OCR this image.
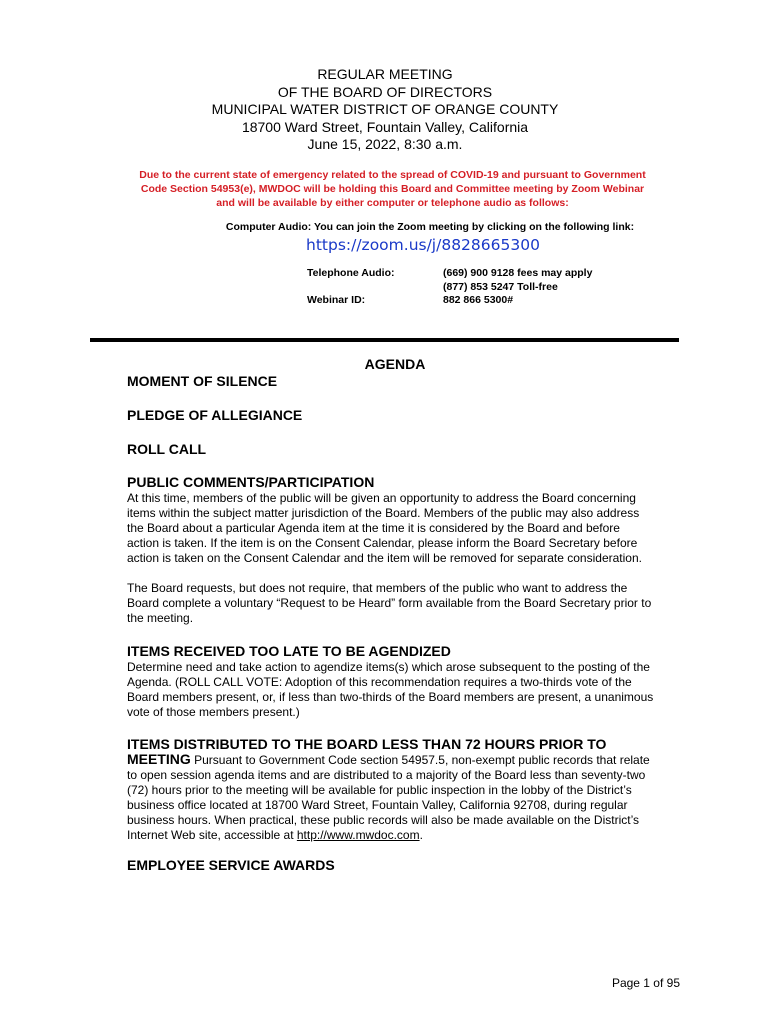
REGULAR MEETING
OF THE BOARD OF DIRECTORS
MUNICIPAL WATER DISTRICT OF ORANGE COUNTY
18700 Ward Street, Fountain Valley, California
June 15, 2022, 8:30 a.m.
Due to the current state of emergency related to the spread of COVID-19 and pursuant to Government
Code Section 54953(e), MWDOC will be holding this Board and Committee meeting by Zoom Webinar
and will be available by either computer or telephone audio as follows:
Computer Audio: You can join the Zoom meeting by clicking on the following link:
https://zoom.us/j/8828665300
Telephone Audio:	(669) 900 9128 fees may apply
(877) 853 5247 Toll-free
882 866 5300#
Webinar ID:
AGENDA
MOMENT OF SILENCE
PLEDGE OF ALLEGIANCE
ROLL CALL
PUBLIC COMMENTS/PARTICIPATION
At this time, members of the public will be given an opportunity to address the Board concerning
items within the subject matter jurisdiction of the Board. Members of the public may also address
the Board about a particular Agenda item at the time it is considered by the Board and before
action is taken. If the item is on the Consent Calendar, please inform the Board Secretary before
action is taken on the Consent Calendar and the item will be removed for separate consideration.
The Board requests, but does not require, that members of the public who want to address the
Board complete a voluntary “Request to be Heard” form available from the Board Secretary prior to
the meeting.
ITEMS RECEIVED TOO LATE TO BE AGENDIZED
Determine need and take action to agendize items(s) which arose subsequent to the posting of the
Agenda. (ROLL CALL VOTE: Adoption of this recommendation requires a two-thirds vote of the
Board members present, or, if less than two-thirds of the Board members are present, a unanimous
vote of those members present.)
ITEMS DISTRIBUTED TO THE BOARD LESS THAN 72 HOURS PRIOR TO
MEETING Pursuant to Government Code section 54957.5, non-exempt public records that relate
to open session agenda items and are distributed to a majority of the Board less than seventy-two
(72) hours prior to the meeting will be available for public inspection in the lobby of the District’s
business office located at 18700 Ward Street, Fountain Valley, California 92708, during regular
business hours. When practical, these public records will also be made available on the District’s
Internet Web site, accessible at http://www.mwdoc.com.
EMPLOYEE SERVICE AWARDS
Page 1 of 95
